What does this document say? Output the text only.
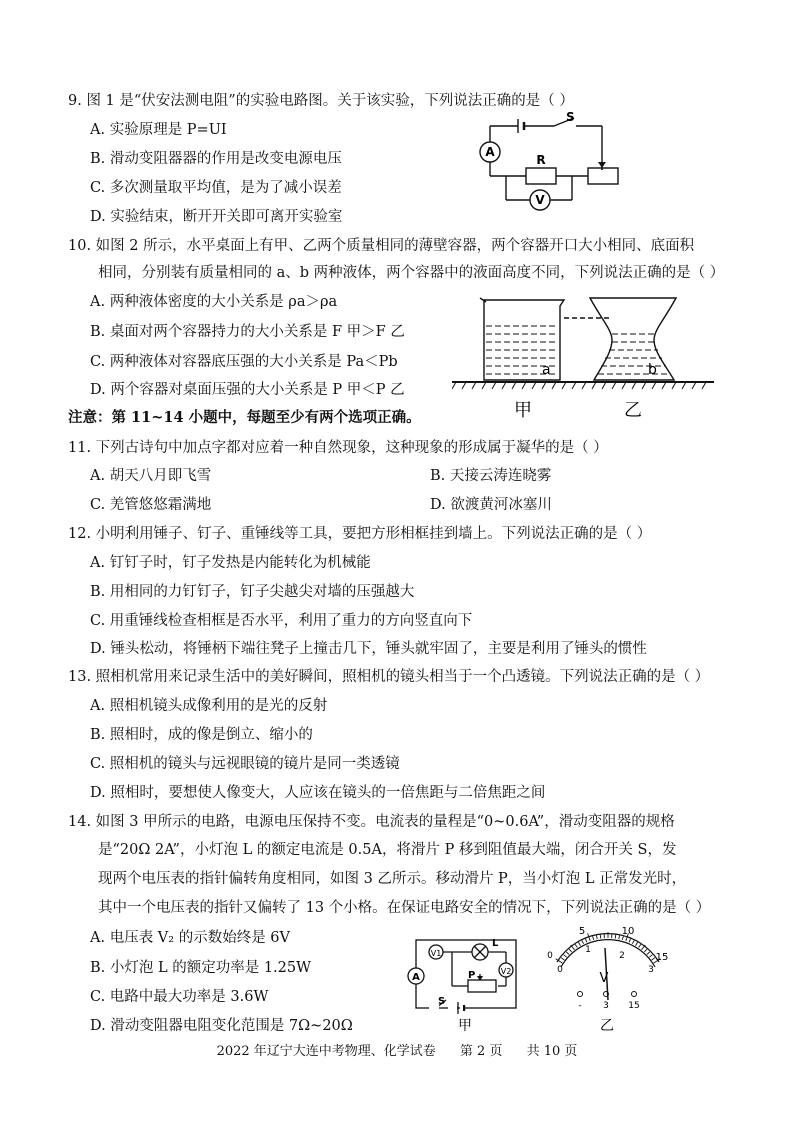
9. 图 1 是“伏安法测电阻”的实验电路图。关于该实验，下列说法正确的是（ ）
A. 实验原理是 P=UI
B. 滑动变阻器器的作用是改变电源电压
C. 多次测量取平均值，是为了减小误差
D. 实验结束，断开开关即可离开实验室
S
A
R
V
10. 如图 2 所示，水平桌面上有甲、乙两个质量相同的薄壁容器，两个容器开口大小相同、底面积
相同，分别装有质量相同的 a、b 两种液体，两个容器中的液面高度不同，下列说法正确的是（ ）
A. 两种液体密度的大小关系是 ρa＞ρa
B. 桌面对两个容器持力的大小关系是 F 甲＞F 乙
C. 两种液体对容器底压强的大小关系是 Pa＜Pb
D. 两个容器对桌面压强的大小关系是 P 甲＜P 乙
注意：第 11~14 小题中，每题至少有两个选项正确。
a	b
甲	乙
11. 下列古诗句中加点字都对应着一种自然现象，这种现象的形成属于凝华的是（ ）
A. 胡天八月即飞雪	B. 天接云涛连晓雾
C. 羌管悠悠霜满地	D. 欲渡黄河冰塞川
12. 小明利用锤子、钉子、重锤线等工具，要把方形相框挂到墙上。下列说法正确的是（ ）
A. 钉钉子时，钉子发热是内能转化为机械能
B. 用相同的力钉钉子，钉子尖越尖对墙的压强越大
C. 用重锤线检查相框是否水平，利用了重力的方向竖直向下
D. 锤头松动，将锤柄下端往凳子上撞击几下，锤头就牢固了，主要是利用了锤头的惯性
13. 照相机常用来记录生活中的美好瞬间，照相机的镜头相当于一个凸透镜。下列说法正确的是（ ）
A. 照相机镜头成像利用的是光的反射
B. 照相时，成的像是倒立、缩小的
C. 照相机的镜头与远视眼镜的镜片是同一类透镜
D. 照相时，要想使人像变大，人应该在镜头的一倍焦距与二倍焦距之间
14. 如图 3 甲所示的电路，电源电压保持不变。电流表的量程是“0~0.6A”，滑动变阻器的规格
是“20Ω 2A”，小灯泡 L 的额定电流是 0.5A，将滑片 P 移到阻值最大端，闭合开关 S，发
现两个电压表的指针偏转角度相同，如图 3 乙所示。移动滑片 P，当小灯泡 L 正常发光时，
其中一个电压表的指针又偏转了 13 个小格。在保证电路安全的情况下，下列说法正确的是（ ）
A. 电压表 V₂ 的示数始终是 6V
B. 小灯泡 L 的额定功率是 1.25W
C. 电路中最大功率是 3.6W
D. 滑动变阻器电阻变化范围是 7Ω~20Ω
A
V1
V2
L
P
S
甲
5	10
15
0
1
2
3
0
V
- 3 15
乙
2022 年辽宁大连中考物理、化学试卷 第 2 页 共 10 页
